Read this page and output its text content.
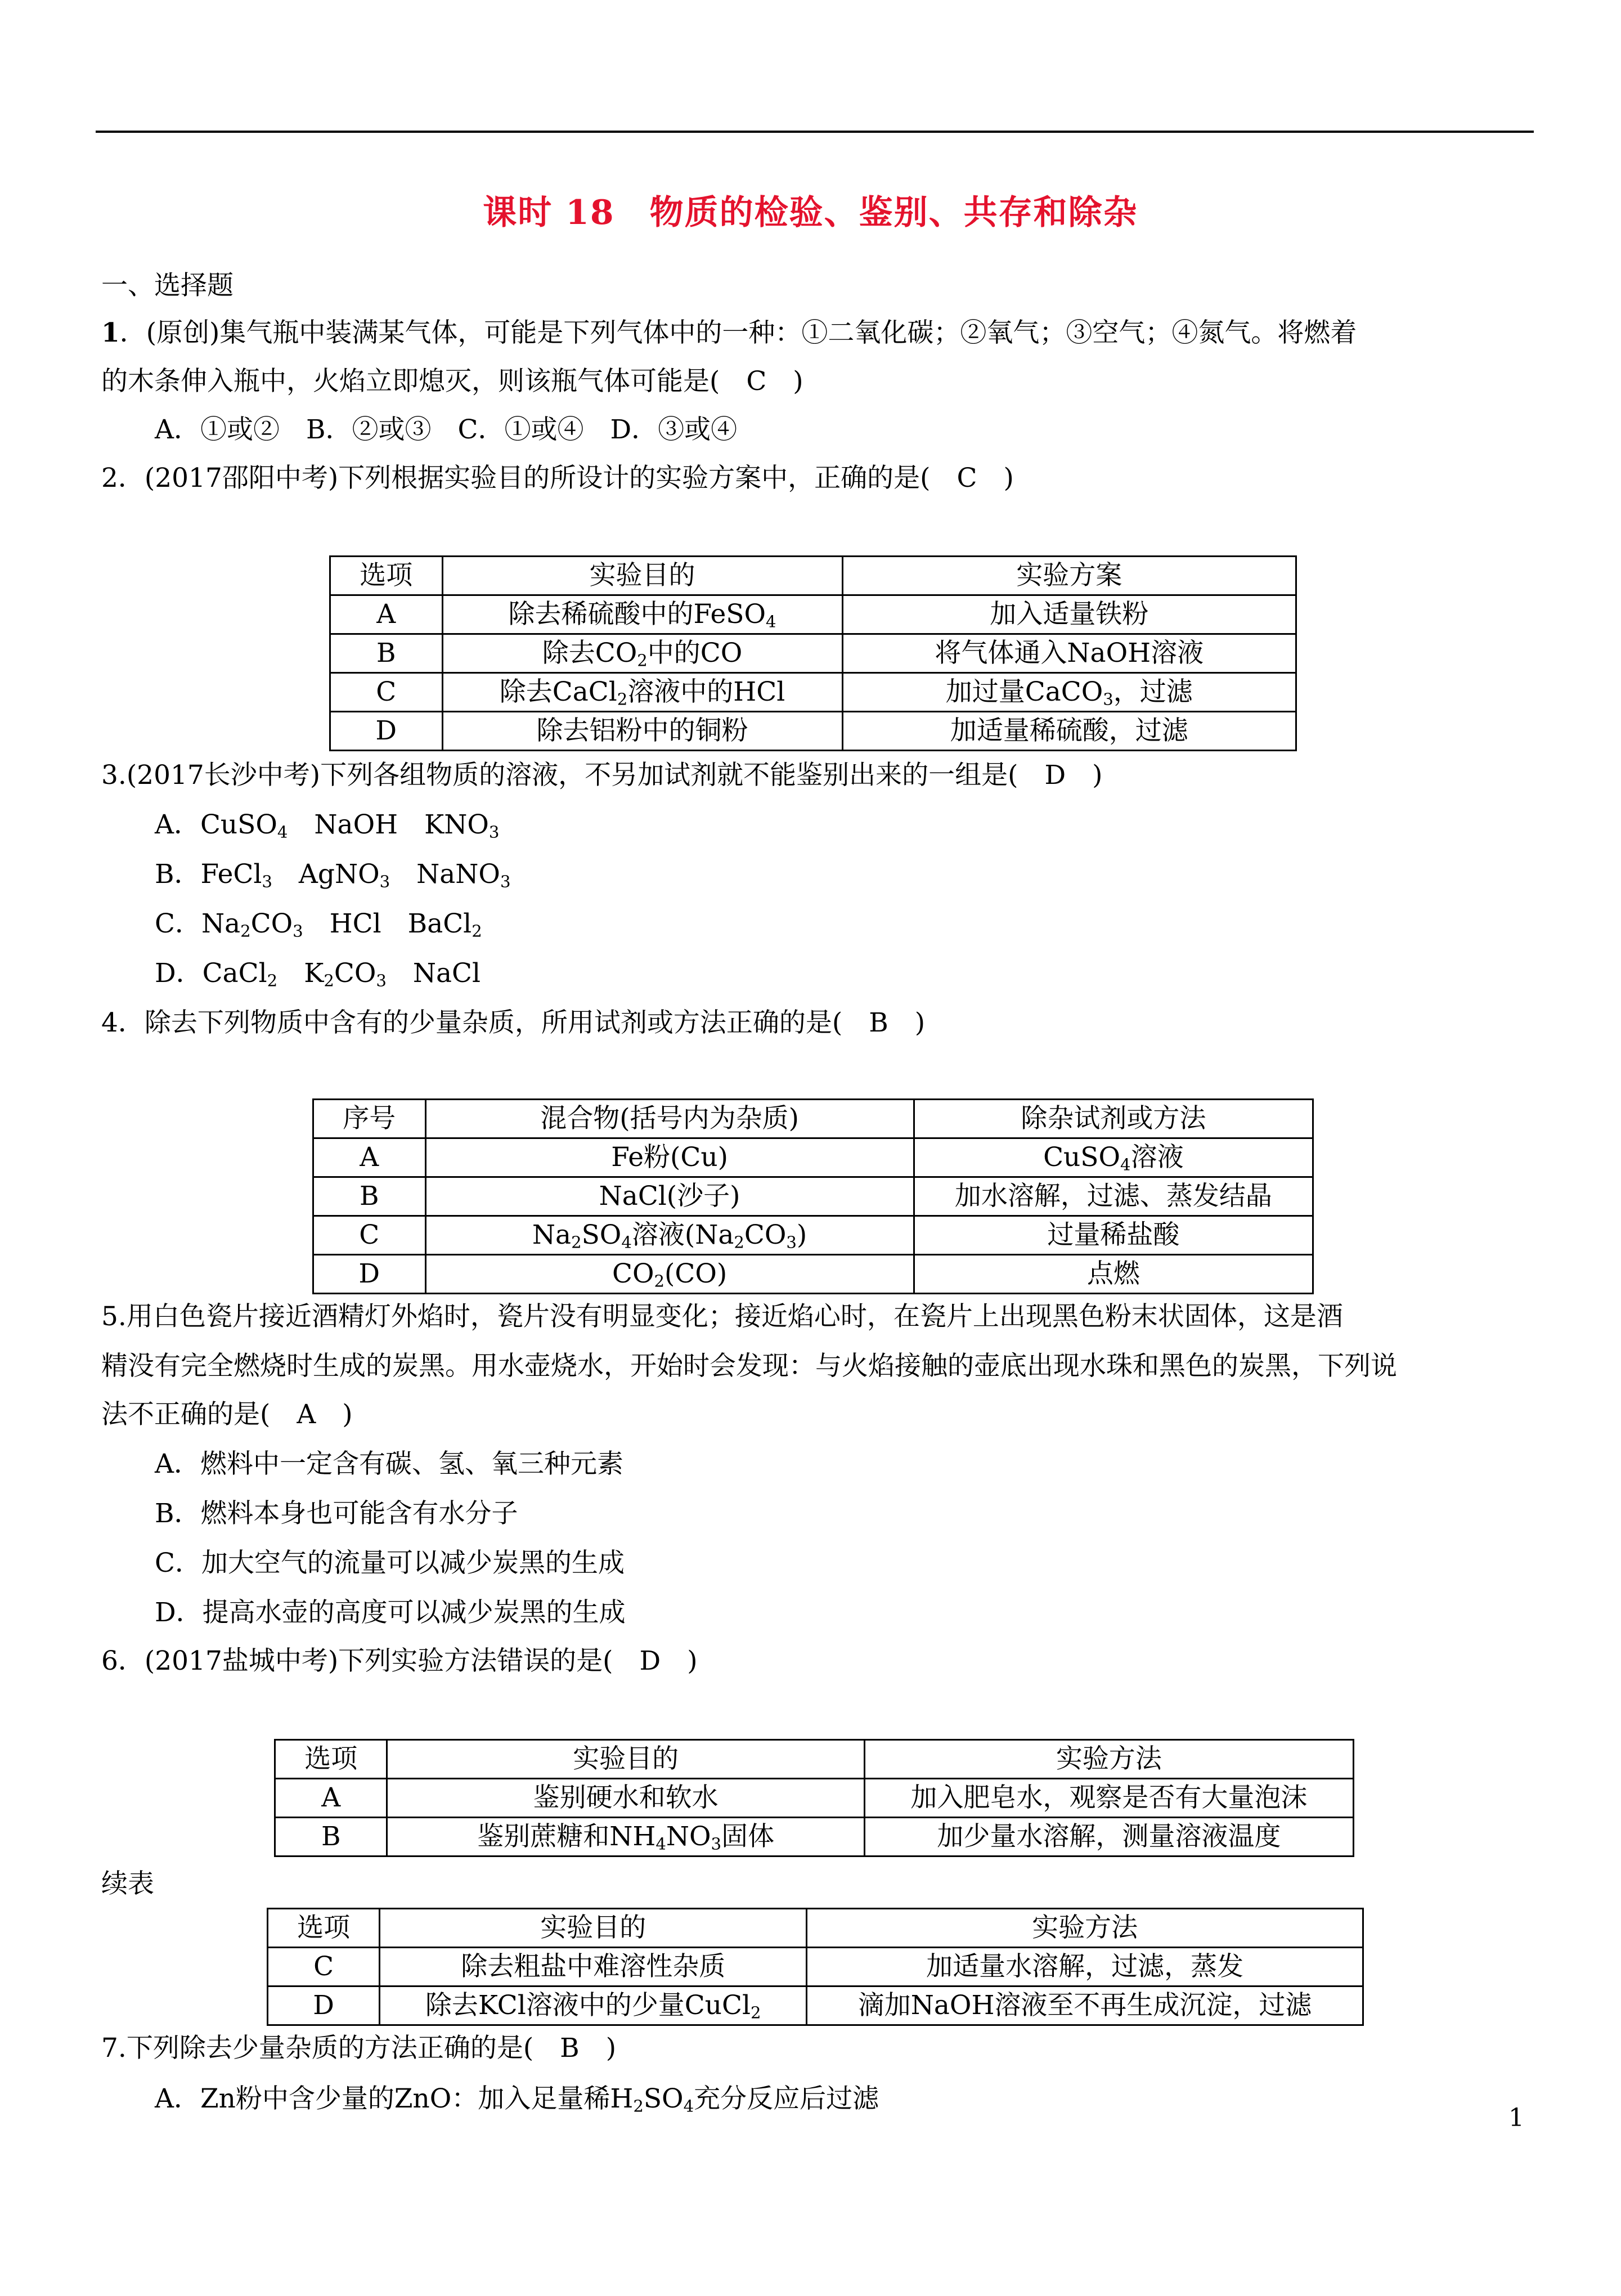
课时 18　物质的检验、鉴别、共存和除杂
一、选择题
1．(原创)集气瓶中装满某气体，可能是下列气体中的一种：①二氧化碳；②氧气；③空气；④氮气。将燃着
的木条伸入瓶中，火焰立即熄灭，则该瓶气体可能是(　C　)
A．①或②　B．②或③　C．①或④　D．③或④
2．(2017邵阳中考)下列根据实验目的所设计的实验方案中，正确的是(　C　)
选项	实验目的	实验方案
A	除去稀硫酸中的FeSO$_4$	加入适量铁粉
B	除去$CO_2$中的CO	将气体通入NaOH溶液
C	除去CaCl$_2$溶液中的HCl	加过量CaCO$_3$，过滤
D	除去铝粉中的铜粉	加适量稀硫酸，过滤
3.(2017长沙中考)下列各组物质的溶液，不另加试剂就不能鉴别出来的一组是(　D　)
A．CuSO$_4$　NaOH　$KNO_3$
B．FeCl$_3$　AgNO$_3$　NaNO$_3$
C．$Na_2CO_3$　HCl　BaCl$_2$
D．CaCl$_2$　$K_2CO_3$　NaCl
4．除去下列物质中含有的少量杂质，所用试剂或方法正确的是(　B　)
序号	混合物(括号内为杂质)	除杂试剂或方法
A	Fe粉(Cu)	CuSO$_4$溶液
B	NaCl(沙子)	加水溶解，过滤、蒸发结晶
C	$Na_2SO_4$溶液$(Na_2CO_3)$	过量稀盐酸
D	$CO_2(CO)$	点燃
5.用白色瓷片接近酒精灯外焰时，瓷片没有明显变化；接近焰心时，在瓷片上出现黑色粉末状固体，这是酒
精没有完全燃烧时生成的炭黑。用水壶烧水，开始时会发现：与火焰接触的壶底出现水珠和黑色的炭黑，下列说
法不正确的是(　A　)
A．燃料中一定含有碳、氢、氧三种元素
B．燃料本身也可能含有水分子
C．加大空气的流量可以减少炭黑的生成
D．提高水壶的高度可以减少炭黑的生成
6．(2017盐城中考)下列实验方法错误的是(　D　)
选项	实验目的	实验方法
A	鉴别硬水和软水	加入肥皂水，观察是否有大量泡沫
B	鉴别蔗糖和$NH_4NO_3$固体	加少量水溶解，测量溶液温度
续表
选项	实验目的	实验方法
C	除去粗盐中难溶性杂质	加适量水溶解，过滤，蒸发
D	除去KCl溶液中的少量CuCl$_2$	滴加NaOH溶液至不再生成沉淀，过滤
7.下列除去少量杂质的方法正确的是(　B　)
A．Zn粉中含少量的ZnO：加入足量稀$H_2SO_4$充分反应后过滤
1
